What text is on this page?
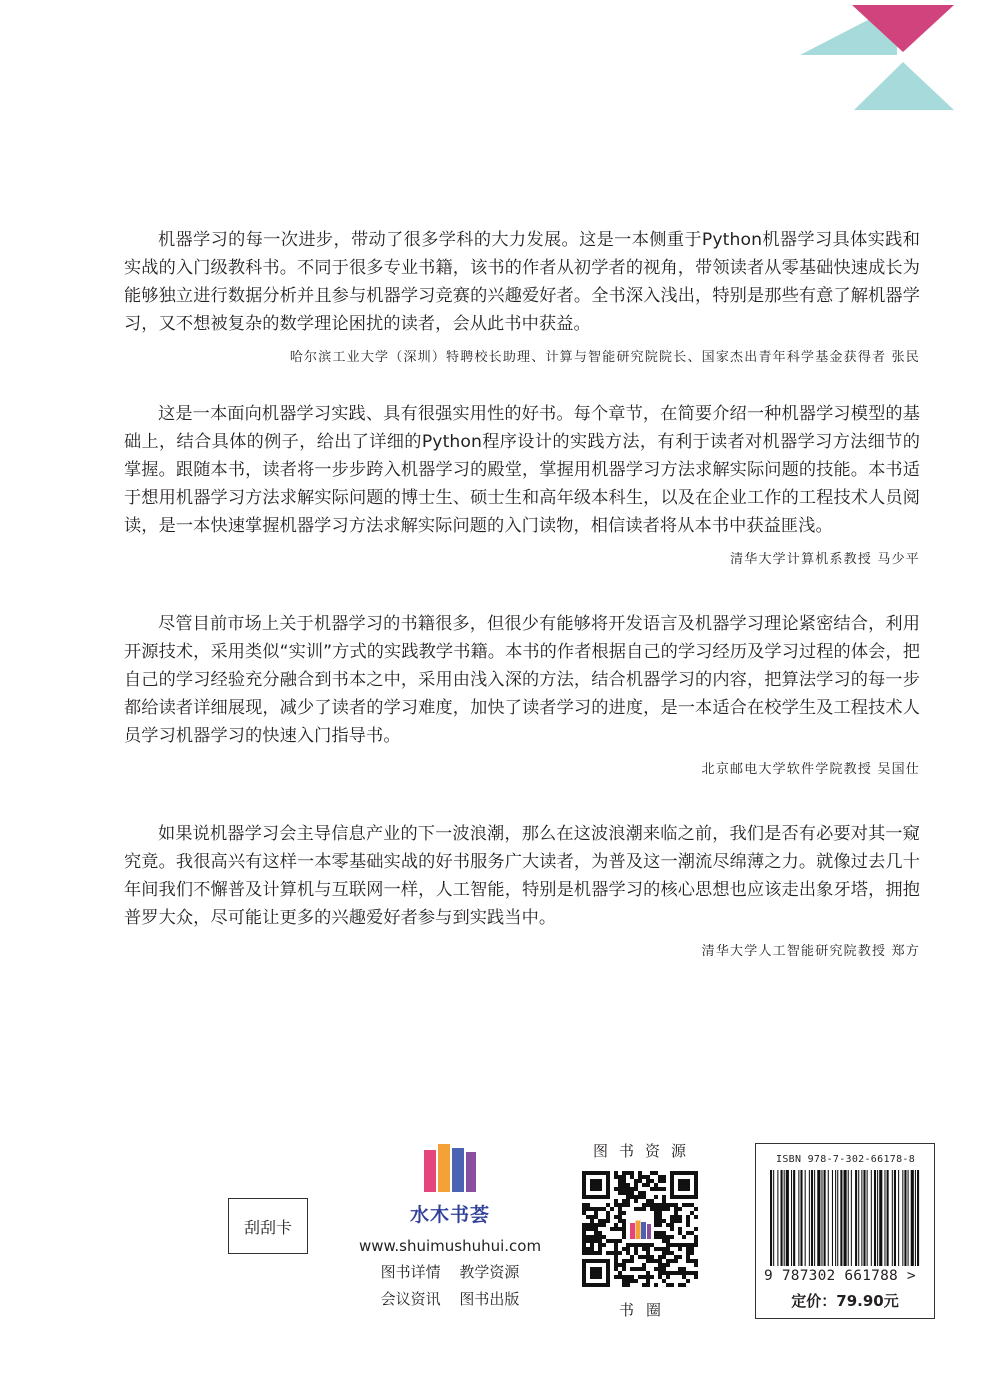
机器学习的每一次进步，带动了很多学科的大力发展。这是一本侧重于Python机器学习具体实践和实战的入门级教科书。不同于很多专业书籍，该书的作者从初学者的视角，带领读者从零基础快速成长为能够独立进行数据分析并且参与机器学习竞赛的兴趣爱好者。全书深入浅出，特别是那些有意了解机器学习，又不想被复杂的数学理论困扰的读者，会从此书中获益。

哈尔滨工业大学（深圳）特聘校长助理、计算与智能研究院院长、国家杰出青年科学基金获得者 张民

这是一本面向机器学习实践、具有很强实用性的好书。每个章节，在简要介绍一种机器学习模型的基础上，结合具体的例子，给出了详细的Python程序设计的实践方法，有利于读者对机器学习方法细节的掌握。跟随本书，读者将一步步跨入机器学习的殿堂，掌握用机器学习方法求解实际问题的技能。本书适于想用机器学习方法求解实际问题的博士生、硕士生和高年级本科生，以及在企业工作的工程技术人员阅读，是一本快速掌握机器学习方法求解实际问题的入门读物，相信读者将从本书中获益匪浅。

清华大学计算机系教授 马少平

尽管目前市场上关于机器学习的书籍很多，但很少有能够将开发语言及机器学习理论紧密结合，利用开源技术，采用类似“实训”方式的实践教学书籍。本书的作者根据自己的学习经历及学习过程的体会，把自己的学习经验充分融合到书本之中，采用由浅入深的方法，结合机器学习的内容，把算法学习的每一步都给读者详细展现，减少了读者的学习难度，加快了读者学习的进度，是一本适合在校学生及工程技术人员学习机器学习的快速入门指导书。

北京邮电大学软件学院教授 吴国仕

如果说机器学习会主导信息产业的下一波浪潮，那么在这波浪潮来临之前，我们是否有必要对其一窥究竟。我很高兴有这样一本零基础实战的好书服务广大读者，为普及这一潮流尽绵薄之力。就像过去几十年间我们不懈普及计算机与互联网一样，人工智能，特别是机器学习的核心思想也应该走出象牙塔，拥抱普罗大众，尽可能让更多的兴趣爱好者参与到实践当中。

清华大学人工智能研究院教授 郑方
刮刮卡
水木书荟
www.shuimushuhui.com
图书详情 教学资源
会议资讯 图书出版
图书资源
书圈
ISBN 978-7-302-66178-8
9 787302 661788 >
定价：79.90元
